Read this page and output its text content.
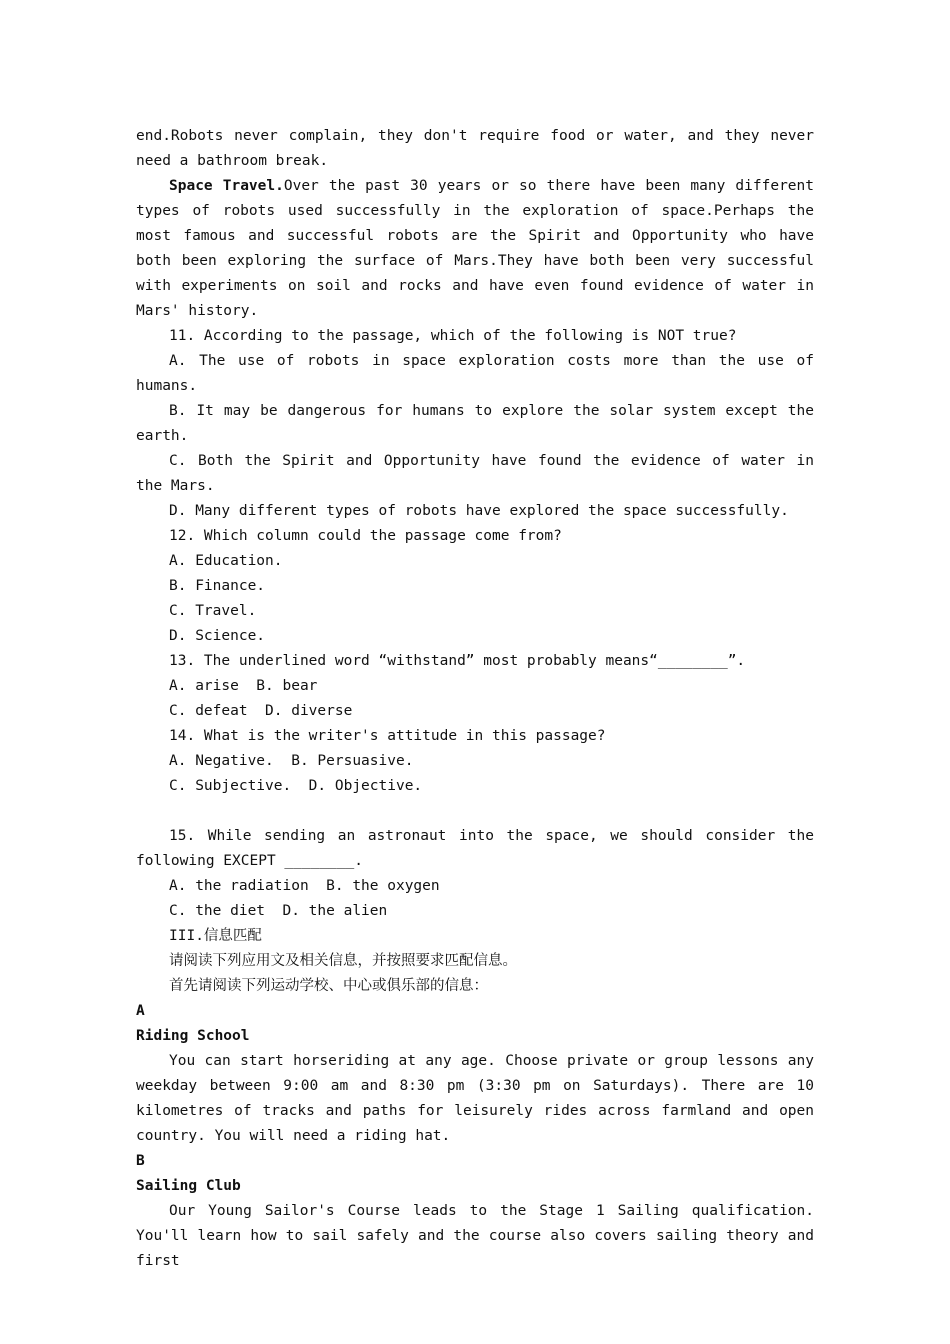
end.Robots never complain, they don't require food or water, and they never need a bathroom break.

Space Travel.Over the past 30 years or so there have been many different types of robots used successfully in the exploration of space.Perhaps the most famous and successful robots are the Spirit and Opportunity who have both been exploring the surface of Mars.They have both been very successful with experiments on soil and rocks and have even found evidence of water in Mars' history.

11. According to the passage, which of the following is NOT true?

A. The use of robots in space exploration costs more than the use of humans.

B. It may be dangerous for humans to explore the solar system except the earth.

C. Both the Spirit and Opportunity have found the evidence of water in the Mars.

D. Many different types of robots have explored the space successfully.

12. Which column could the passage come from?

A. Education.

B. Finance.

C. Travel.

D. Science.

13. The underlined word “withstand” most probably means“________”.

A. arise  B. bear

C. defeat  D. diverse

14. What is the writer's attitude in this passage?

A. Negative.  B. Persuasive.

C. Subjective.  D. Objective.

15. While sending an astronaut into the space, we should consider the following EXCEPT ________.

A. the radiation  B. the oxygen

C. the diet  D. the alien

III.信息匹配

请阅读下列应用文及相关信息，并按照要求匹配信息。

首先请阅读下列运动学校、中心或俱乐部的信息：

A

Riding School

You can start horseriding at any age. Choose private or group lessons any weekday between 9:00 am and 8:30 pm (3:30 pm on Saturdays). There are 10 kilometres of tracks and paths for leisurely rides across farmland and open country. You will need a riding hat.

B

Sailing Club

Our Young Sailor's Course leads to the Stage 1 Sailing qualification. You'll learn how to sail safely and the course also covers sailing theory and first
